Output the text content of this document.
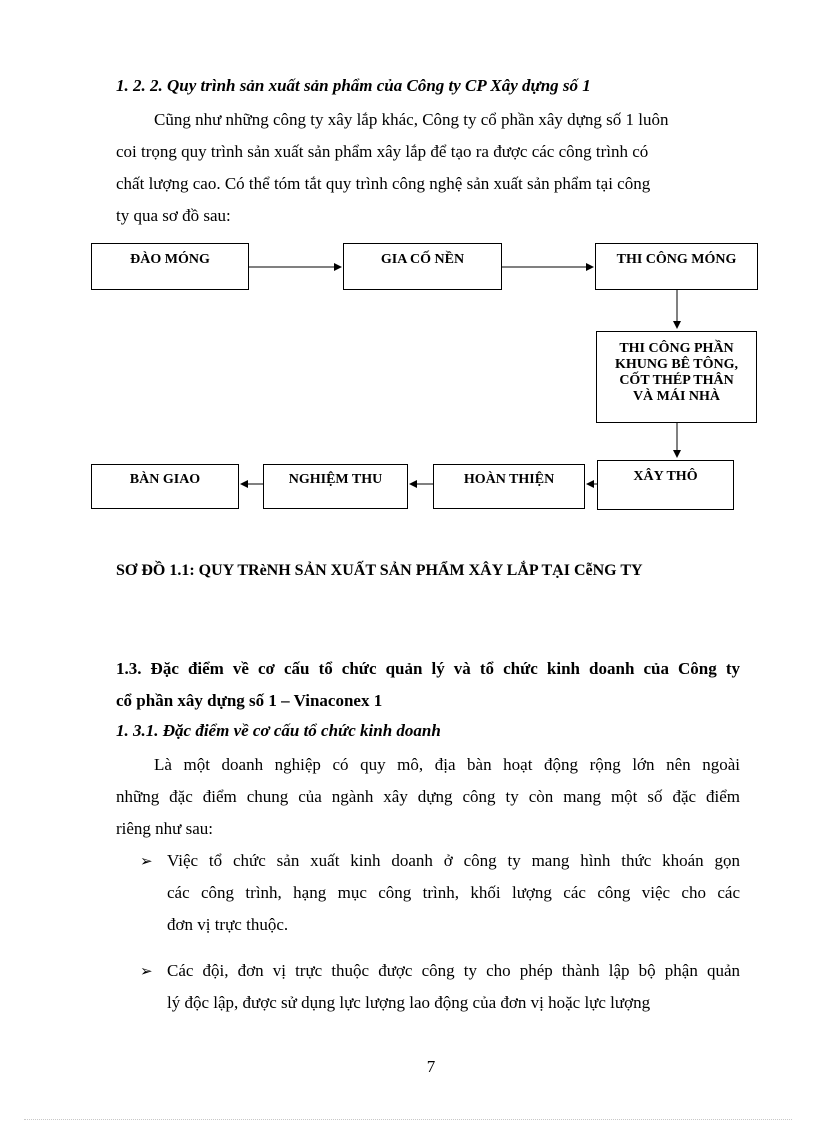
1. 2. 2. Quy trình sản xuất sản phẩm của Công ty CP Xây dựng số 1
Cũng như những công ty xây lắp khác, Công ty cổ phần xây dựng số 1 luôn
coi trọng quy trình sản xuất sản phẩm xây lắp để tạo ra được các công trình có
chất lượng cao. Có thể tóm tắt quy trình công nghệ sản xuất sản phẩm tại công
ty qua sơ đồ sau:
ĐÀO MÓNG	GIA CỐ NỀN	THI CÔNG MÓNG
THI CÔNG PHẦN
KHUNG BÊ TÔNG,
CỐT THÉP THÂN
VÀ MÁI NHÀ
XÂY THÔ
HOÀN THIỆN
NGHIỆM THU
BÀN GIAO
SƠ ĐỒ 1.1: QUY TRèNH SẢN XUẤT SẢN PHẨM XÂY LẮP TẠI CễNG TY
1.3. Đặc điểm về cơ cấu tổ chức quản lý và tổ chức kinh doanh của Công ty
cổ phần xây dựng số 1 – Vinaconex 1
1. 3.1. Đặc điểm về cơ cấu tổ chức kinh doanh
Là một doanh nghiệp có quy mô, địa bàn hoạt động rộng lớn nên ngoài
những đặc điểm chung của ngành xây dựng công ty còn mang một số đặc điểm
riêng như sau:
➢ Việc tổ chức sản xuất kinh doanh ở công ty mang hình thức khoán gọn
các công trình, hạng mục công trình, khối lượng các công việc cho các
đơn vị trực thuộc.
➢ Các đội, đơn vị trực thuộc được công ty cho phép thành lập bộ phận quản
lý độc lập, được sử dụng lực lượng lao động của đơn vị hoặc lực lượng
7
